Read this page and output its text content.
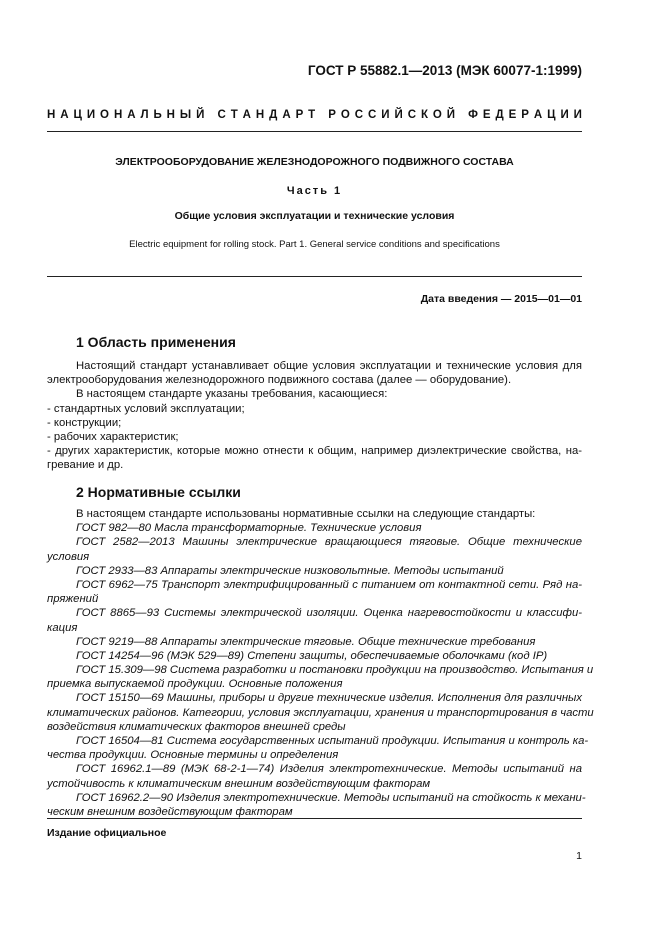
ГОСТ Р 55882.1—2013 (МЭК 60077-1:1999)
Н А Ц И О Н А Л Ь Н Ы Й
С Т А Н Д А Р Т
Р О С С И Й С К О Й
Ф Е Д Е Р А Ц И И
ЭЛЕКТРООБОРУДОВАНИЕ ЖЕЛЕЗНОДОРОЖНОГО ПОДВИЖНОГО СОСТАВА
Часть 1
Общие условия эксплуатации и технические условия
Electric equipment for rolling stock. Part 1. General service conditions and specifications
Дата введения — 2015—01—01
1 Область применения
Настоящий стандарт устанавливает общие условия эксплуатации и технические условия для
электрооборудования железнодорожного подвижного состава (далее — оборудование).
В настоящем стандарте указаны требования, касающиеся:
- стандартных условий эксплуатации;
- конструкции;
- рабочих характеристик;
- других характеристик, которые можно отнести к общим, например диэлектрические свойства, на-
гревание и др.
2 Нормативные ссылки
В настоящем стандарте использованы нормативные ссылки на следующие стандарты:
ГОСТ 982—80 Масла трансформаторные. Технические условия
ГОСТ 2582—2013 Машины электрические вращающиеся тяговые. Общие технические
условия
ГОСТ 2933—83 Аппараты электрические низковольтные. Методы испытаний
ГОСТ 6962—75 Транспорт электрифицированный с питанием от контактной сети. Ряд на-
пряжений
ГОСТ 8865—93 Системы электрической изоляции. Оценка нагревостойкости и классифи-
кация
ГОСТ 9219—88 Аппараты электрические тяговые. Общие технические требования
ГОСТ 14254—96 (МЭК 529—89) Степени защиты, обеспечиваемые оболочками (код IP)
ГОСТ 15.309—98 Система разработки и постановки продукции на производство. Испытания и
приемка выпускаемой продукции. Основные положения
ГОСТ 15150—69 Машины, приборы и другие технические изделия. Исполнения для различных
климатических районов. Категории, условия эксплуатации, хранения и транспортирования в части
воздействия климатических факторов внешней среды
ГОСТ 16504—81 Система государственных испытаний продукции. Испытания и контроль ка-
чества продукции. Основные термины и определения
ГОСТ 16962.1—89 (МЭК 68-2-1—74) Изделия электротехнические. Методы испытаний на
устойчивость к климатическим внешним воздействующим факторам
ГОСТ 16962.2—90 Изделия электротехнические. Методы испытаний на стойкость к механи-
ческим внешним воздействующим факторам
Издание официальное
1
